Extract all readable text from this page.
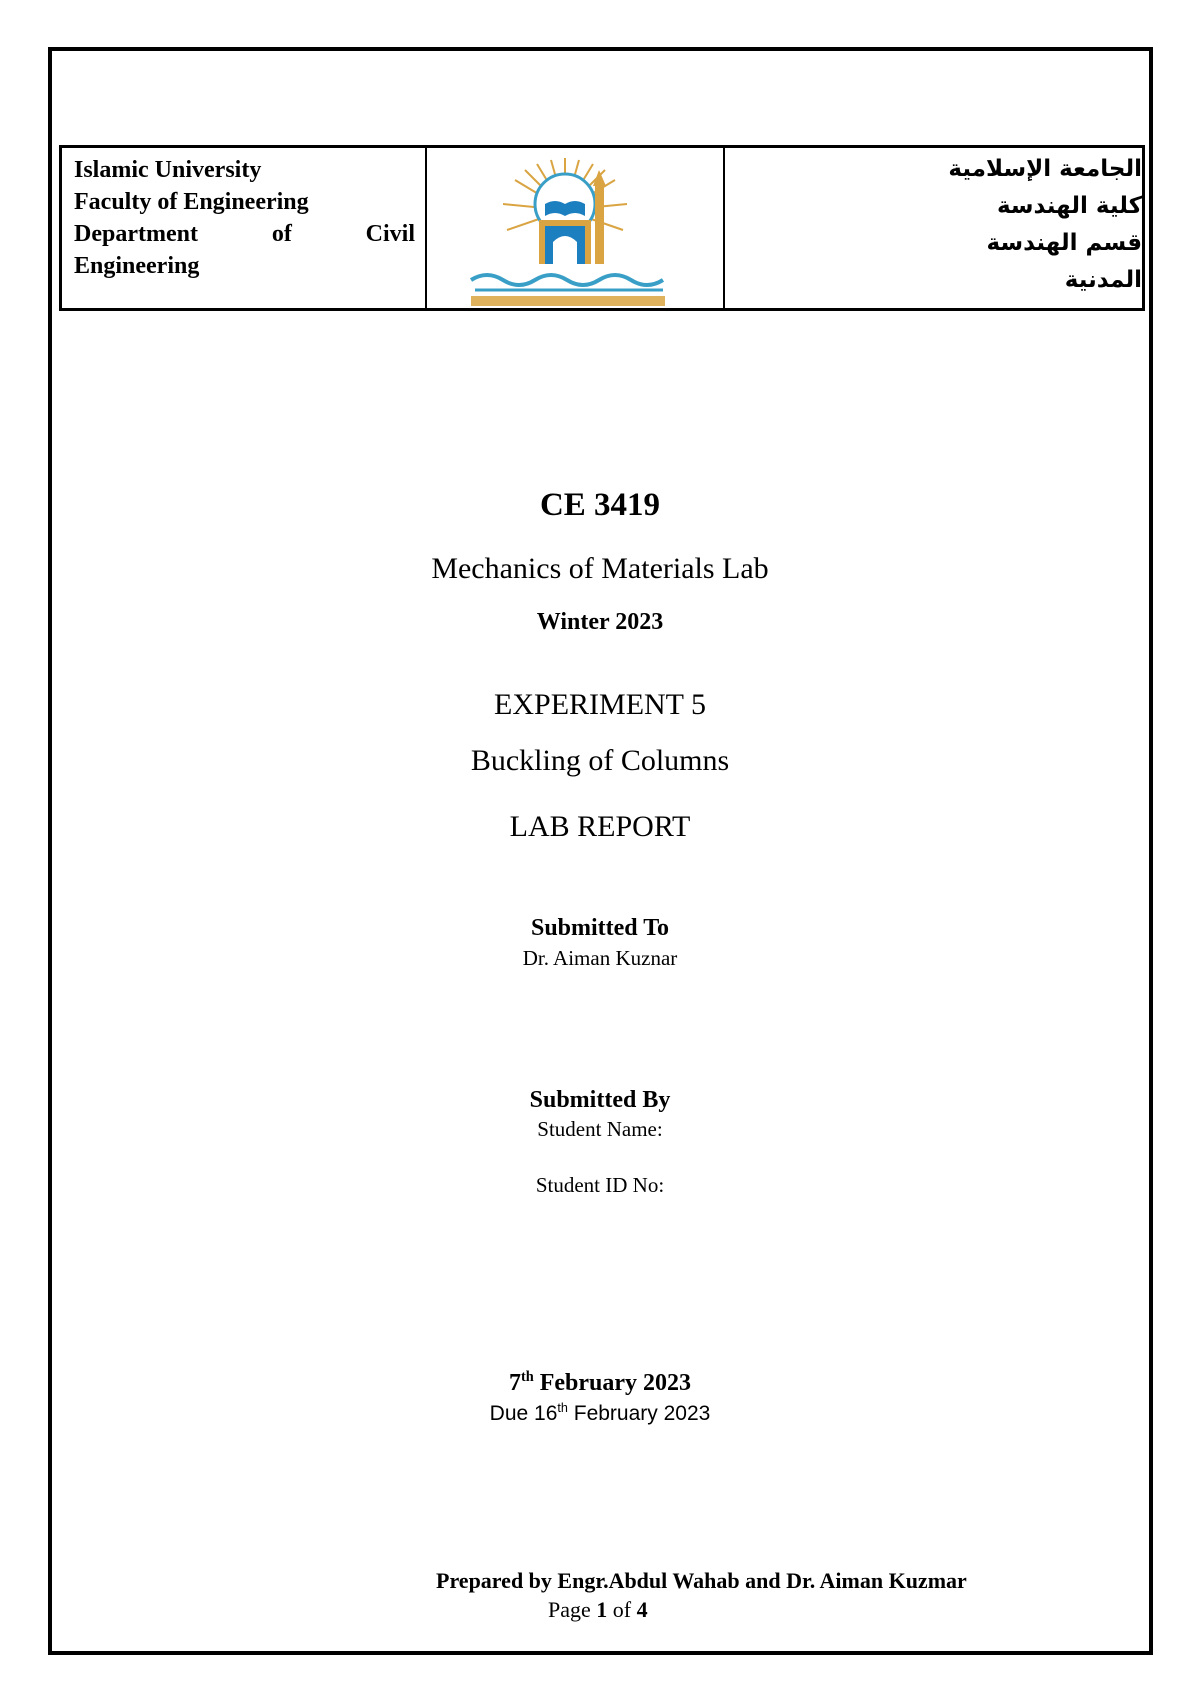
Islamic University
Faculty of Engineering
Department	of	Civil
Engineering
الجامعة الإسلامية
كلية الهندسة
قسم الهندسة المدنية
CE 3419
Mechanics of Materials Lab
Winter 2023
EXPERIMENT 5
Buckling of Columns
LAB REPORT
Submitted To
Dr. Aiman Kuznar
Submitted By
Student Name:
Student ID No:
7th February 2023
Due 16th February 2023
Prepared by Engr.Abdul Wahab and Dr. Aiman Kuzmar
Page 1 of 4
